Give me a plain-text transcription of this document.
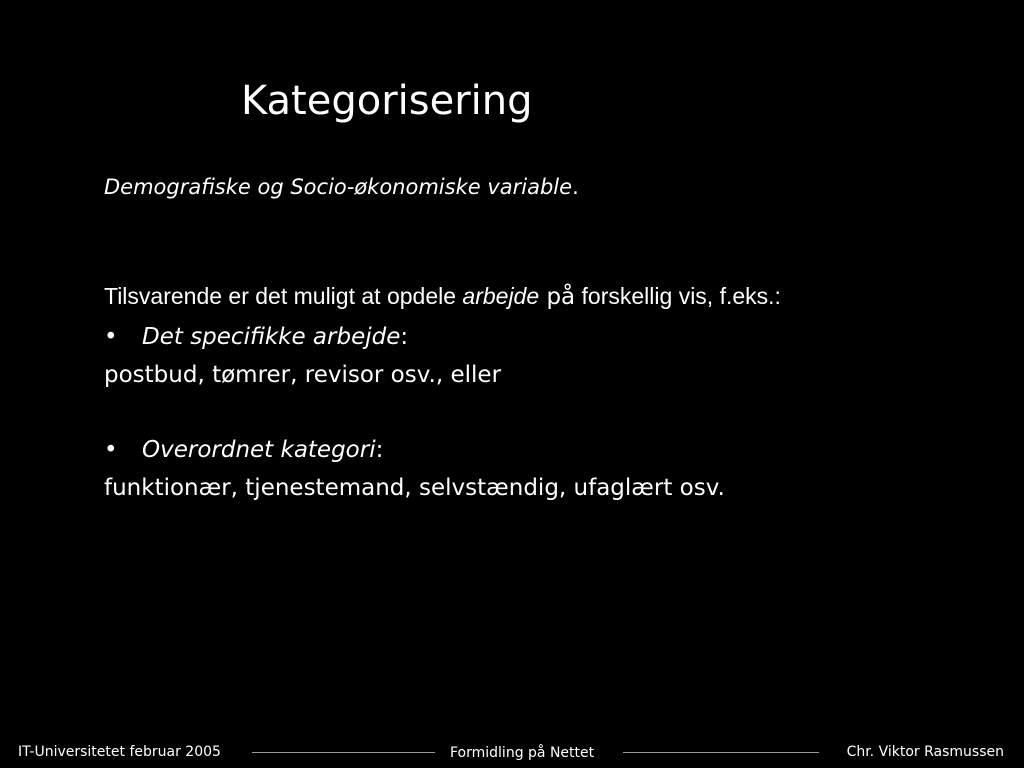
Kategorisering
Demografiske og Socio-økonomiske variable.
Tilsvarende er det muligt at opdele arbejde på forskellig vis, f.eks.:
• Det specifikke arbejde:
postbud, tømrer, revisor osv., eller
• Overordnet kategori:
funktionær, tjenestemand, selvstændig, ufaglært osv.
IT-Universitetet februar 2005	Formidling på Nettet	Chr. Viktor Rasmussen
